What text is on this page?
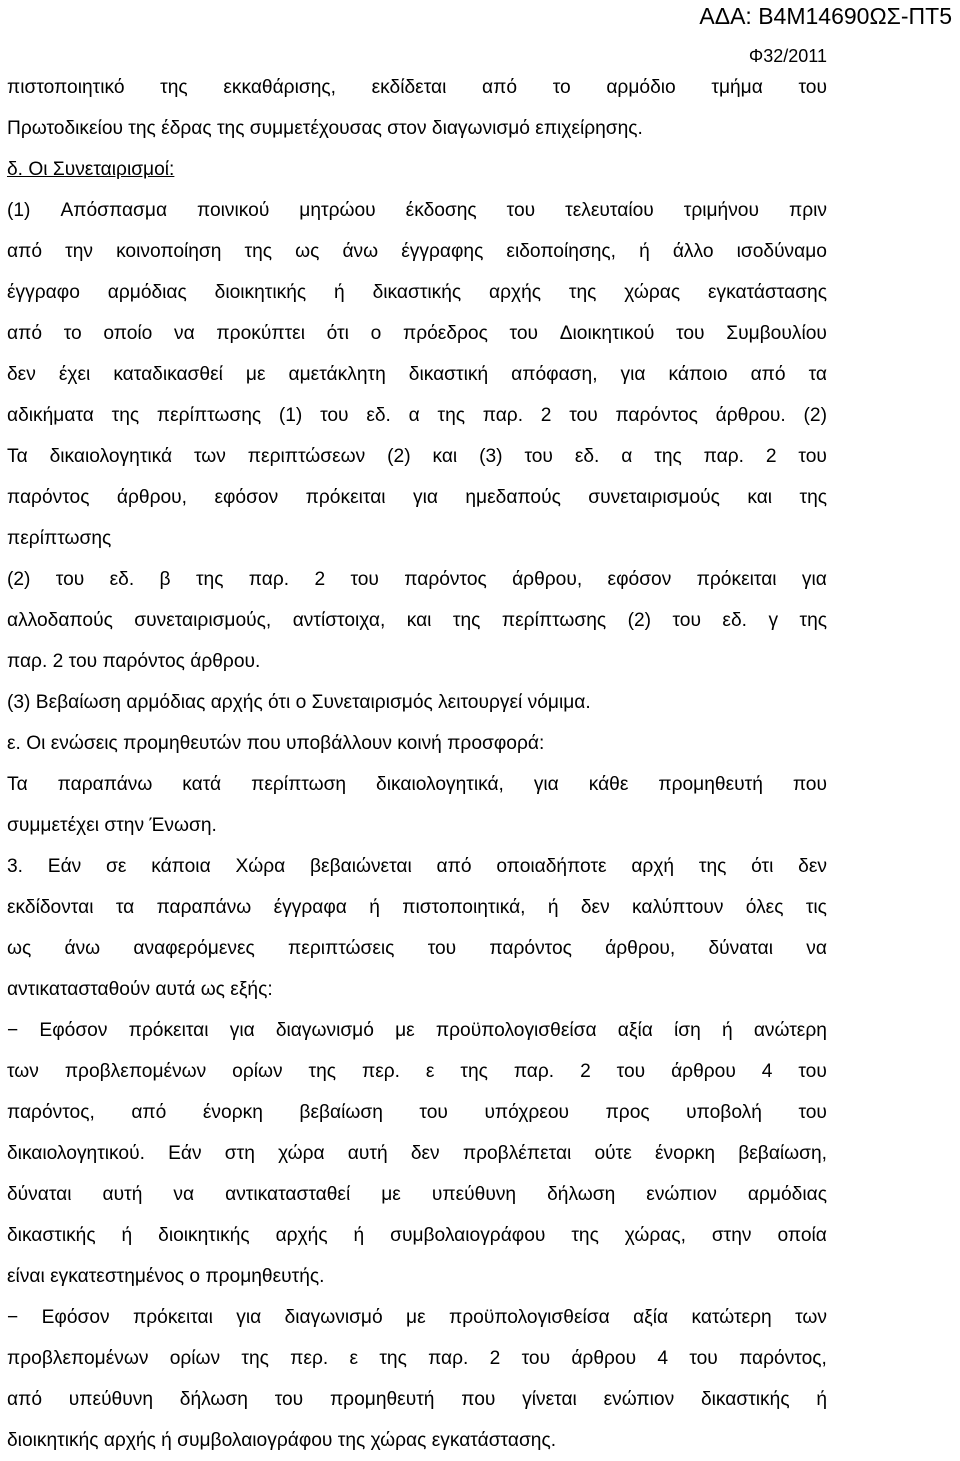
ΑΔΑ: Β4Μ14690ΩΣ-ΠΤ5
Φ32/2011
πιστοποιητικό της εκκαθάρισης, εκδίδεται από το αρμόδιο τμήμα του
Πρωτοδικείου της έδρας της συμμετέχουσας στον διαγωνισμό επιχείρησης.
δ. Οι Συνεταιρισμοί:
(1) Απόσπασμα ποινικού μητρώου έκδοσης του τελευταίου τριμήνου πριν
από την κοινοποίηση της ως άνω έγγραφης ειδοποίησης, ή άλλο ισοδύναμο
έγγραφο αρμόδιας διοικητικής ή δικαστικής αρχής της χώρας εγκατάστασης
από το οποίο να προκύπτει ότι ο πρόεδρος του Διοικητικού του Συμβουλίου
δεν έχει καταδικασθεί με αμετάκλητη δικαστική απόφαση, για κάποιο από τα
αδικήματα της περίπτωσης (1) του εδ. α της παρ. 2 του παρόντος άρθρου. (2)
Τα δικαιολογητικά των περιπτώσεων (2) και (3) του εδ. α της παρ. 2 του
παρόντος άρθρου, εφόσον πρόκειται για ημεδαπούς συνεταιρισμούς και της
περίπτωσης
(2) του εδ. β της παρ. 2 του παρόντος άρθρου, εφόσον πρόκειται για
αλλοδαπούς συνεταιρισμούς, αντίστοιχα, και της περίπτωσης (2) του εδ. γ της
παρ. 2 του παρόντος άρθρου.
(3) Βεβαίωση αρμόδιας αρχής ότι ο Συνεταιρισμός λειτουργεί νόμιμα.
ε. Οι ενώσεις προμηθευτών που υποβάλλουν κοινή προσφορά:
Τα παραπάνω κατά περίπτωση δικαιολογητικά, για κάθε προμηθευτή που
συμμετέχει στην Ένωση.
3. Εάν σε κάποια Χώρα βεβαιώνεται από οποιαδήποτε αρχή της ότι δεν
εκδίδονται τα παραπάνω έγγραφα ή πιστοποιητικά, ή δεν καλύπτουν όλες τις
ως άνω αναφερόμενες περιπτώσεις του παρόντος άρθρου, δύναται να
αντικατασταθούν αυτά ως εξής:
− Εφόσον πρόκειται για διαγωνισμό με προϋπολογισθείσα αξία ίση ή ανώτερη
των προβλεπομένων ορίων της περ. ε της παρ. 2 του άρθρου 4 του
παρόντος, από ένορκη βεβαίωση του υπόχρεου προς υποβολή του
δικαιολογητικού. Εάν στη χώρα αυτή δεν προβλέπεται ούτε ένορκη βεβαίωση,
δύναται αυτή να αντικατασταθεί με υπεύθυνη δήλωση ενώπιον αρμόδιας
δικαστικής ή διοικητικής αρχής ή συμβολαιογράφου της χώρας, στην οποία
είναι εγκατεστημένος ο προμηθευτής.
− Εφόσον πρόκειται για διαγωνισμό με προϋπολογισθείσα αξία κατώτερη των
προβλεπομένων ορίων της περ. ε της παρ. 2 του άρθρου 4 του παρόντος,
από υπεύθυνη δήλωση του προμηθευτή που γίνεται ενώπιον δικαστικής ή
διοικητικής αρχής ή συμβολαιογράφου της χώρας εγκατάστασης.
